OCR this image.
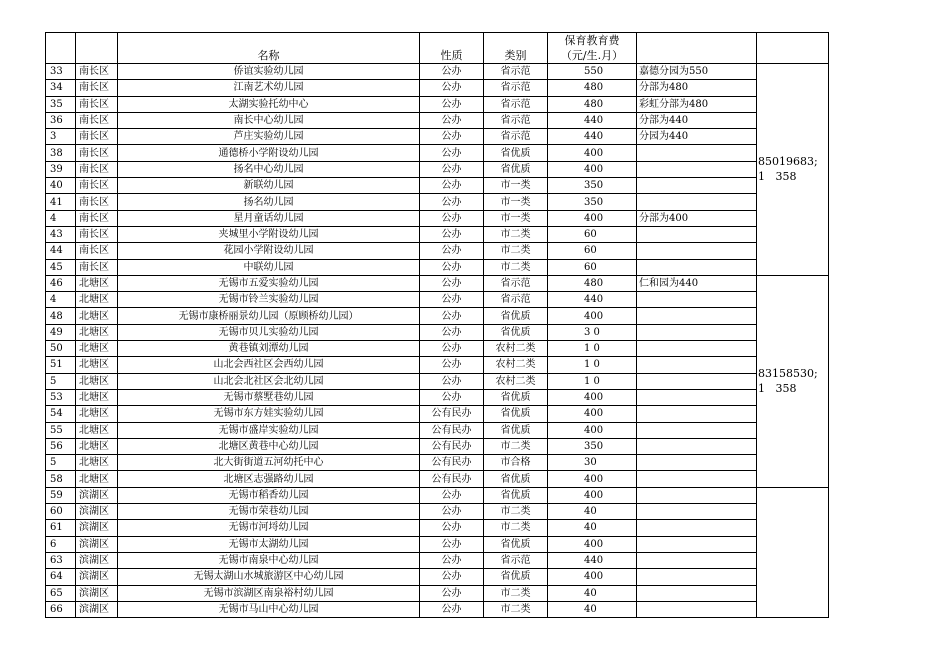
		名称	性质	类别	保育教育费
（元/生.月）		

33	南长区	侨谊实验幼儿园	公办	省示范	550	嘉德分园为550	85019683;
1   358

34	南长区	江南艺术幼儿园	公办	省示范	480	分部为480	
35	南长区	太湖实验托幼中心	公办	省示范	480	彩虹分部为480	
36	南长区	南长中心幼儿园	公办	省示范	440	分部为440	
3	南长区	芦庄实验幼儿园	公办	省示范	440	分园为440	
38	南长区	通德桥小学附设幼儿园	公办	省优质	400		
39	南长区	扬名中心幼儿园	公办	省优质	400		
40	南长区	新联幼儿园	公办	市一类	350		
41	南长区	扬名幼儿园	公办	市一类	350		
4	南长区	星月童话幼儿园	公办	市一类	400	分部为400	
43	南长区	夹城里小学附设幼儿园	公办	市二类	60		
44	南长区	花园小学附设幼儿园	公办	市二类	60		
45	南长区	中联幼儿园	公办	市二类	60		
46	北塘区	无锡市五爱实验幼儿园	公办	省示范	480	仁和园为440	83158530;
1   358

4	北塘区	无锡市铃兰实验幼儿园	公办	省示范	440		
48	北塘区	无锡市康桥丽景幼儿园（原顾桥幼儿园）	公办	省优质	400		
49	北塘区	无锡市贝儿实验幼儿园	公办	省优质	3 0		
50	北塘区	黄巷镇刘潭幼儿园	公办	农村二类	1 0		
51	北塘区	山北会西社区会西幼儿园	公办	农村二类	1 0		
5	北塘区	山北会北社区会北幼儿园	公办	农村二类	1 0		
53	北塘区	无锡市蔡墅巷幼儿园	公办	省优质	400		
54	北塘区	无锡市东方娃实验幼儿园	公有民办	省优质	400		
55	北塘区	无锡市盛岸实验幼儿园	公有民办	省优质	400		
56	北塘区	北塘区黄巷中心幼儿园	公有民办	市二类	350		
5	北塘区	北大街街道五河幼托中心	公有民办	市合格	30		
58	北塘区	北塘区志强路幼儿园	公有民办	省优质	400		
59	滨湖区	无锡市稻香幼儿园	公办	省优质	400		

60	滨湖区	无锡市荣巷幼儿园	公办	市二类	40		
61	滨湖区	无锡市河埒幼儿园	公办	市二类	40		
6	滨湖区	无锡市太湖幼儿园	公办	省优质	400		
63	滨湖区	无锡市南泉中心幼儿园	公办	省示范	440		
64	滨湖区	无锡太湖山水城旅游区中心幼儿园	公办	省优质	400		
65	滨湖区	无锡市滨湖区南泉裕村幼儿园	公办	市二类	40		
66	滨湖区	无锡市马山中心幼儿园	公办	市二类	40		
